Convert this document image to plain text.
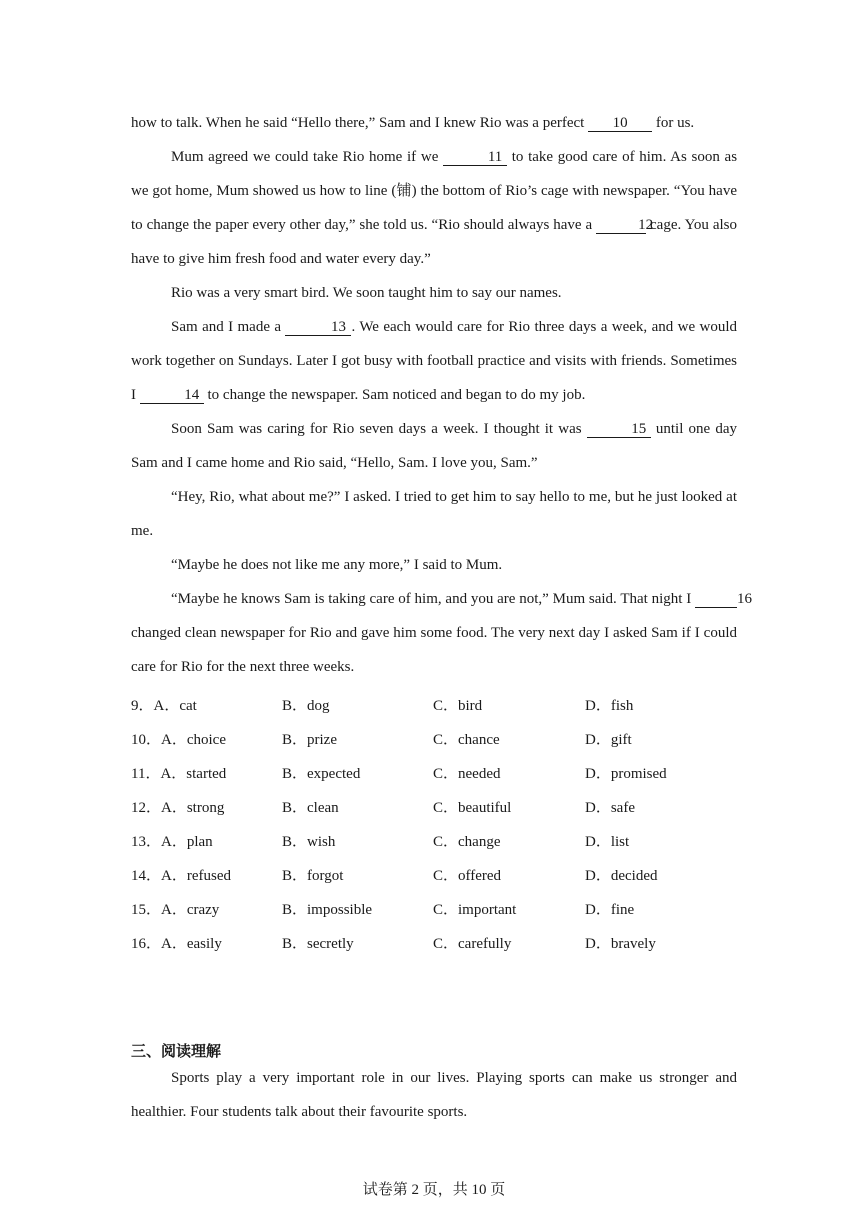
how to talk. When he said “Hello there,” Sam and I knew Rio was a perfect 10 for us.

Mum agreed we could take Rio home if we	11 to take good care of him. As soon as we got home, Mum showed us how to line (铺) the bottom of Rio’s cage with newspaper. “You have to change the paper every other day,” she told us. “Rio should always have a	12 cage. You also have to give him fresh food and water every day.”

Rio was a very smart bird. We soon taught him to say our names.

Sam and I made a	13 . We each would care for Rio three days a week, and we would work together on Sundays. Later I got busy with football practice and visits with friends. Sometimes I	14 to change the newspaper. Sam noticed and began to do my job.

Soon Sam was caring for Rio seven days a week. I thought it was	15 until one day Sam and I came home and Rio said, “Hello, Sam. I love you, Sam.”

“Hey, Rio, what about me?” I asked. I tried to get him to say hello to me, but he just looked at me.

“Maybe he does not like me any more,” I said to Mum.

“Maybe he knows Sam is taking care of him, and you are not,” Mum said. That night I	16 changed clean newspaper for Rio and gave him some food. The very next day I asked Sam if I could care for Rio for the next three weeks.

9．A．cat	B．dog	C．bird	D．fish
10．A．choice	B．prize	C．chance	D．gift
11．A．started	B．expected	C．needed	D．promised
12．A．strong	B．clean	C．beautiful	D．safe
13．A．plan	B．wish	C．change	D．list
14．A．refused	B．forgot	C．offered	D．decided
15．A．crazy	B．impossible	C．important	D．fine
16．A．easily	B．secretly	C．carefully	D．bravely
三、阅读理解

Sports play a very important role in our lives. Playing sports can make us stronger and healthier. Four students talk about their favourite sports.

试卷第 2 页，共 10 页
